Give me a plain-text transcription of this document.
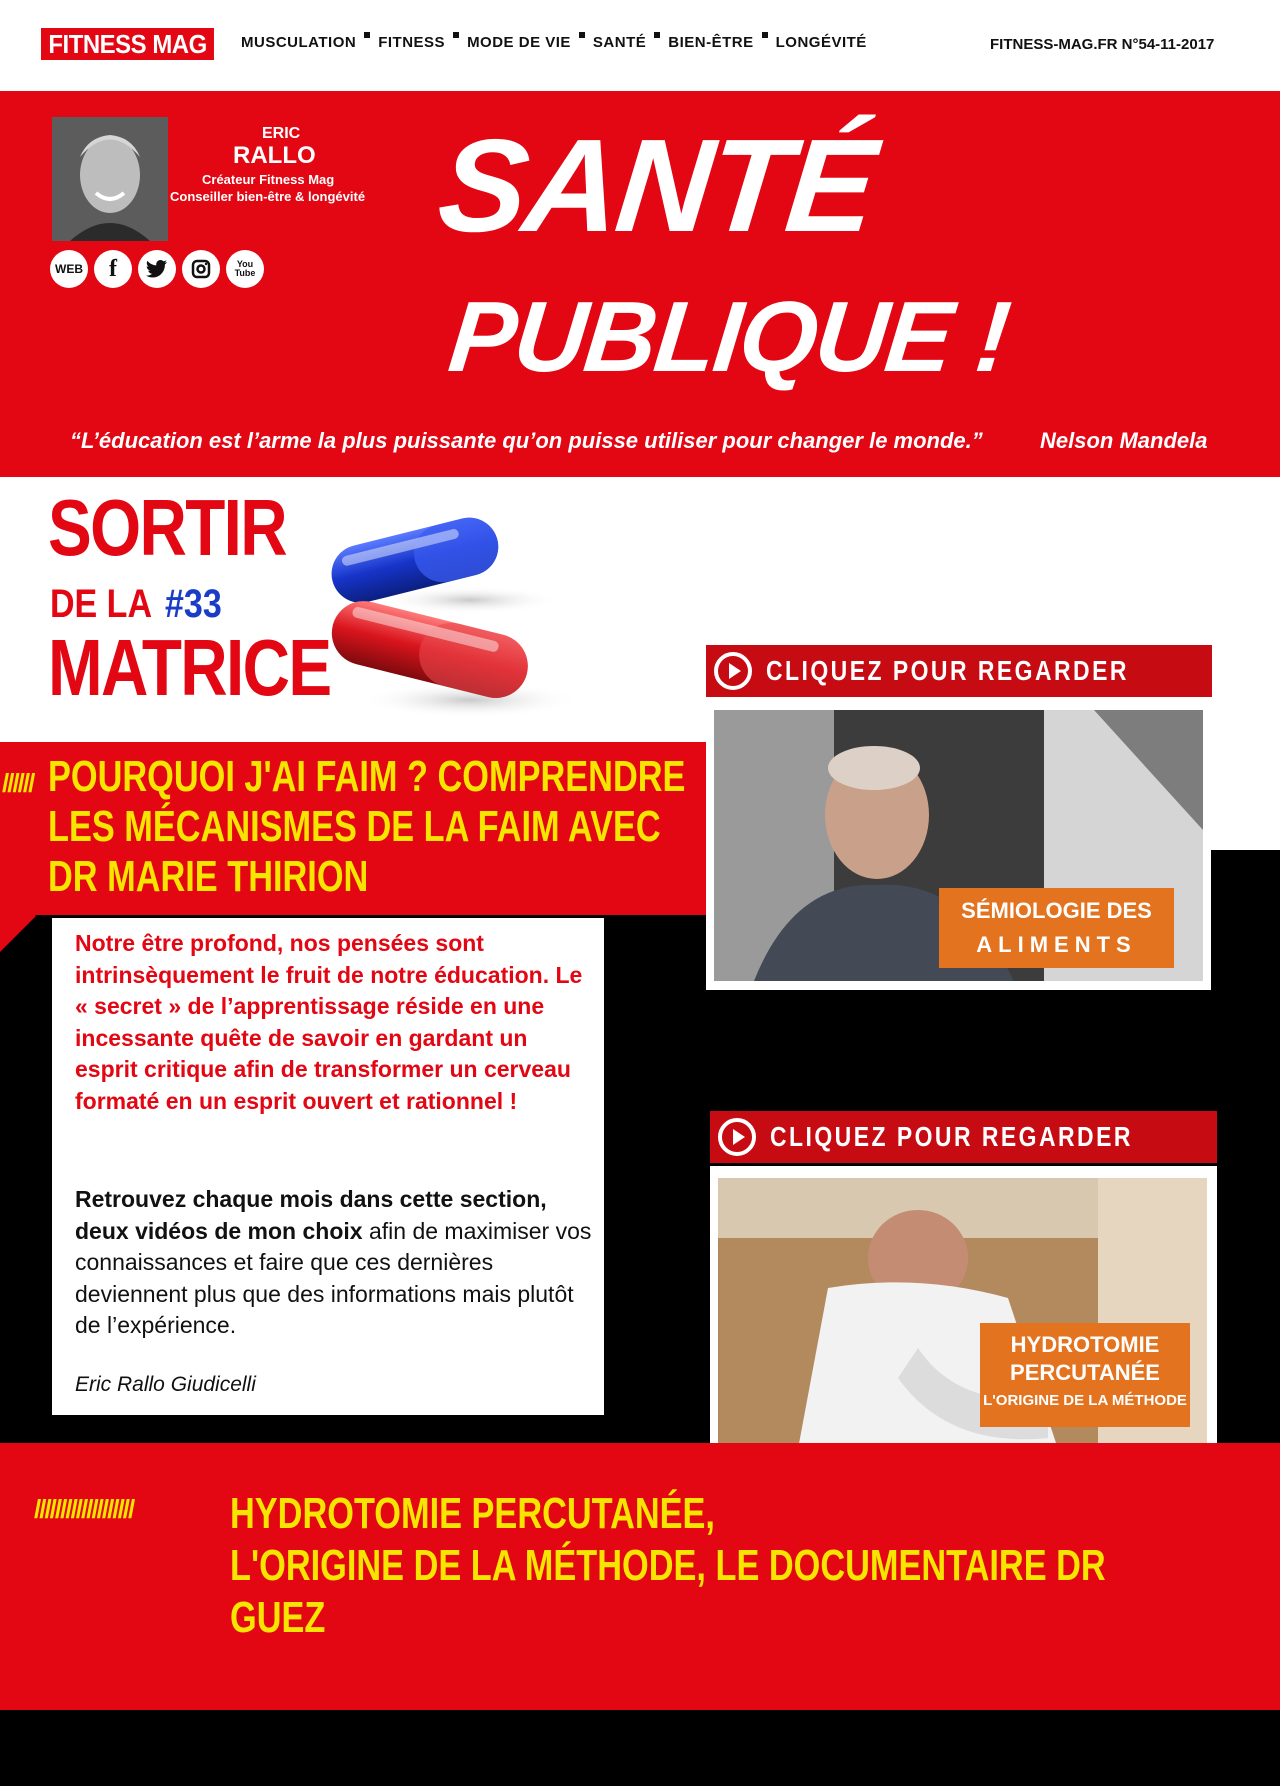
FITNESS MAG	MUSCULATION FITNESS MODE DE VIE SANTÉ BIEN-ÊTRE LONGÉVITÉ	FITNESS-MAG.FR N°54-11-2017
ERIC
RALLO
Créateur Fitness Mag
Conseiller bien-être & longévité
WEB	f	You Tube
SANTÉ
PUBLIQUE !
“L’éducation est l’arme la plus puissante qu’on puisse utiliser pour changer le monde.”	Nelson Mandela
SORTIR
DE LA #33
MATRICE
////// POURQUOI J'AI FAIM ? COMPRENDRE LES MÉCANISMES DE LA FAIM AVEC DR MARIE THIRION
Notre être profond, nos pensées sont intrinsèquement le fruit de notre éducation. Le « secret » de l’apprentissage réside en une incessante quête de savoir en gardant un esprit critique afin de transformer un cerveau formaté en un esprit ouvert et rationnel !
Retrouvez chaque mois dans cette section, deux vidéos de mon choix afin de maximiser vos connaissances et faire que ces dernières deviennent plus que des informations mais plutôt de l’expérience.
Eric Rallo Giudicelli
CLIQUEZ POUR REGARDER
SÉMIOLOGIE DES
ALIMENTS
CLIQUEZ POUR REGARDER
HYDROTOMIE
PERCUTANÉE
L'ORIGINE DE LA MÉTHODE
/////////////////// HYDROTOMIE PERCUTANÉE,
L'ORIGINE DE LA MÉTHODE, LE DOCUMENTAIRE DR GUEZ
